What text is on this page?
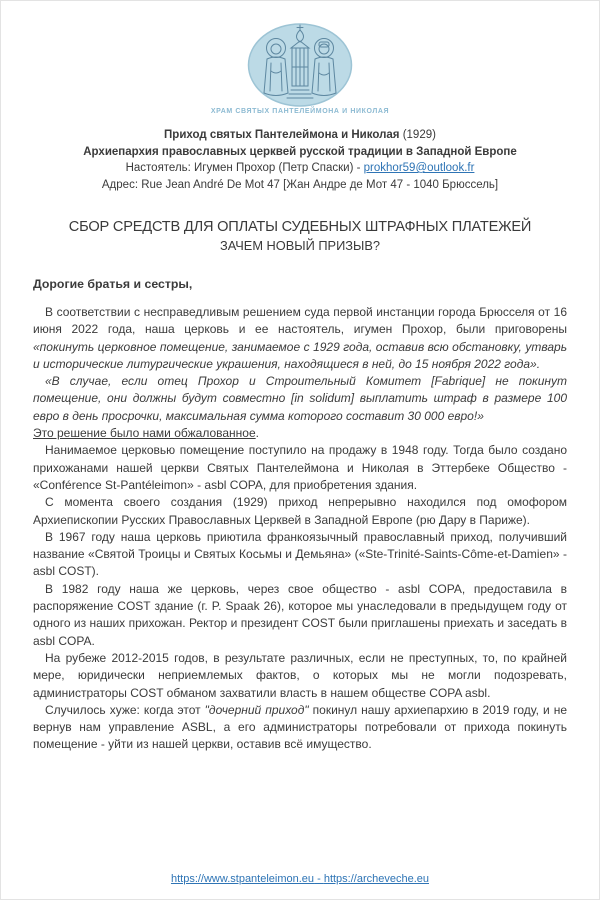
ХРАМ СВЯТЫХ ПАНТЕЛЕЙМОНА И НИКОЛАЯ
Приход святых Пантелеймона и Николая (1929)
Архиепархия православных церквей русской традиции в Западной Европе
Настоятель: Игумен Прохор (Петр Спаски) - prokhor59@outlook.fr
Адрес: Rue Jean André De Mot 47 [Жан Андре де Мот 47 - 1040 Брюссель]
СБОР СРЕДСТВ ДЛЯ ОПЛАТЫ СУДЕБНЫХ ШТРАФНЫХ ПЛАТЕЖЕЙ
ЗАЧЕМ НОВЫЙ ПРИЗЫВ?

Дорогие братья и сестры,

В соответствии с несправедливым решением суда первой инстанции города Брюсселя от 16 июня 2022 года, наша церковь и ее настоятель, игумен Прохор, были приговорены

«покинуть церковное помещение, занимаемое с 1929 года, оставив всю обстановку, утварь и исторические литургические украшения, находящиеся в ней, до 15 ноября 2022 года».

«В случае, если отец Прохор и Строительный Комитет [Fabrique] не покинут помещение, они должны будут совместно [in solidum] выплатить штраф в размере 100 евро в день просрочки, максимальная сумма которого составит 30 000 евро!»

Это решение было нами обжалованное.

Нанимаемое церковью помещение поступило на продажу в 1948 году. Тогда было создано прихожанами нашей церкви Святых Пантелеймона и Николая в Эттербеке Общество - «Conférence St-Pantéleimon» - asbl COPA, для приобретения здания.

С момента своего создания (1929) приход непрерывно находился под омофором Архиепископии Русских Православных Церквей в Западной Европе (рю Дару в Париже).

В 1967 году наша церковь приютила франкоязычный православный приход, получивший название «Святой Троицы и Святых Косьмы и Демьяна» («Ste-Trinité-Saints-Côme-et-Damien» - asbl COST).

В 1982 году наша же церковь, через свое общество - asbl COPA, предоставила в распоряжение COST здание (г. P. Spaak 26), которое мы унаследовали в предыдущем году от одного из наших прихожан. Ректор и президент COST были приглашены приехать и заседать в asbl COPA.

На рубеже 2012-2015 годов, в результате различных, если не преступных, то, по крайней мере, юридически неприемлемых фактов, о которых мы не могли подозревать, администраторы COST обманом захватили власть в нашем обществе COPA asbl.

Случилось хуже: когда этот "дочерний приход" покинул нашу архиепархию в 2019 году, и не вернув нам управление ASBL, а его администраторы потребовали от прихода покинуть помещение - уйти из нашей церкви, оставив всё имущество.

https://www.stpanteleimon.eu - https://archeveche.eu
